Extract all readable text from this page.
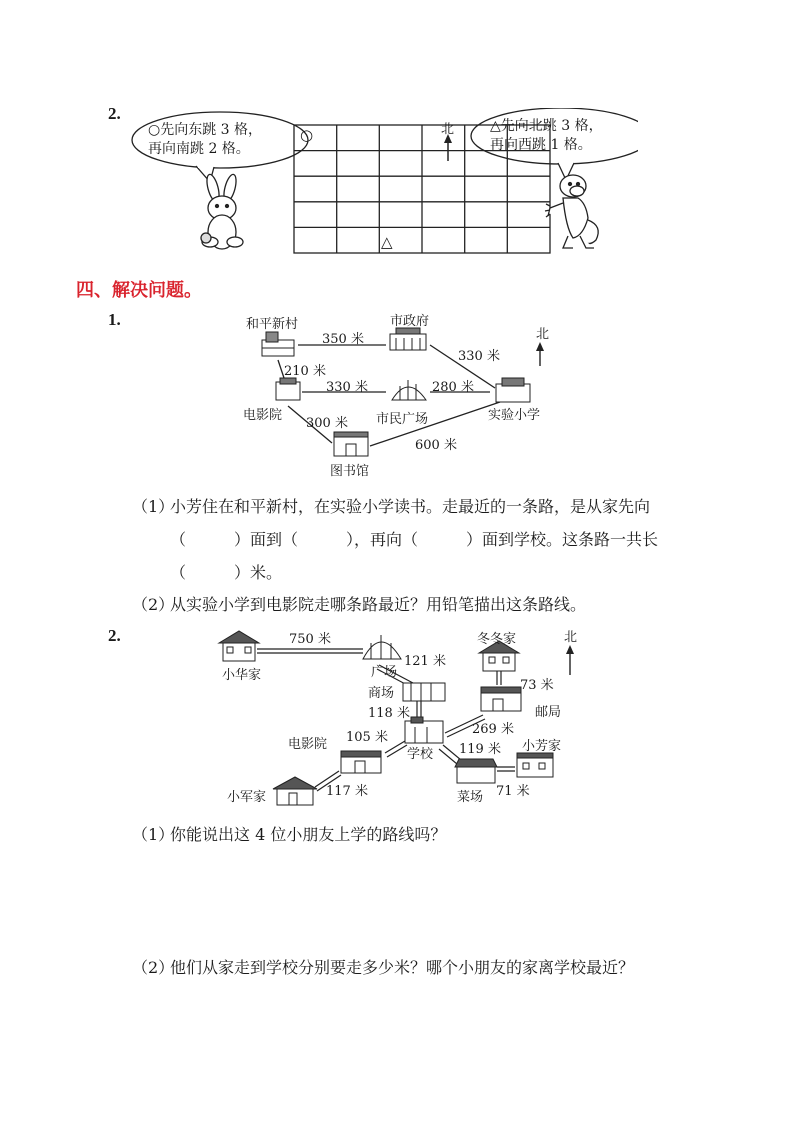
2.
○先向东跳 3 格，
再向南跳 2 格。
△先向北跳 3 格，
再向西跳 1 格。
北
○
△
四、解决问题。
1.	和平新村	市政府
电影院	市民广场	实验小学
图书馆
北
350 米
330 米
210 米
330 米	280 米
300 米
600 米
（1）
小芳住在和平新村，在实验小学读书。走最近的一条路，是从家先向
（　　　）面到（　　　），再向（　　　）面到学校。这条路一共长
（　　　）米。
（2）
从实验小学到电影院走哪条路最近？用铅笔描出这条路线。
2.
小华家	广场
商场
冬冬家
邮局
学校
电影院
小军家	菜场
小芳家
北
750 米
121 米
73 米
118 米
269 米
105 米
119 米
117 米	71 米
（1）
你能说出这 4 位小朋友上学的路线吗？
（2）
他们从家走到学校分别要走多少米？哪个小朋友的家离学校最近？
